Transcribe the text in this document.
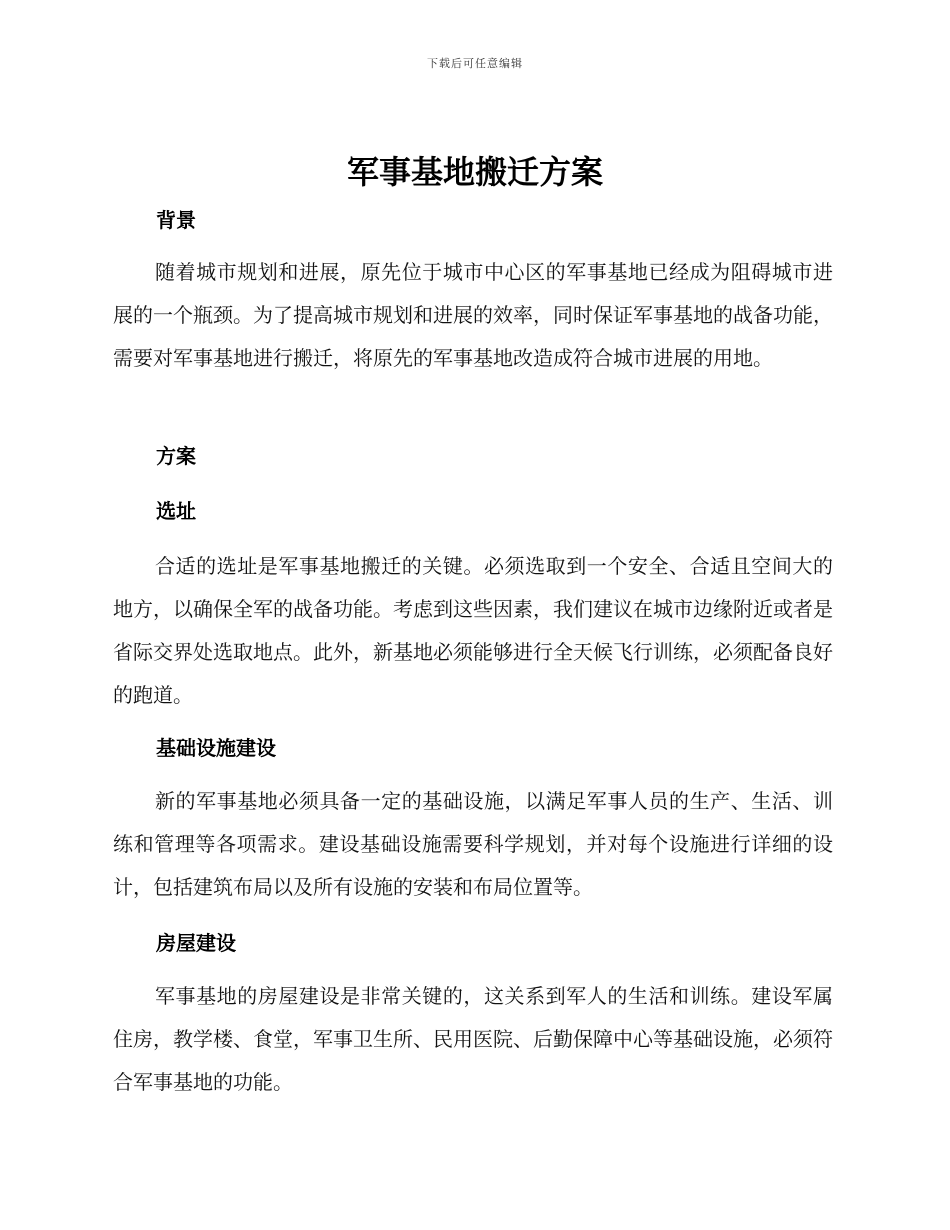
下载后可任意编辑
军事基地搬迁方案
背景

随着城市规划和进展，原先位于城市中心区的军事基地已经成为阻碍城市进展的一个瓶颈。为了提高城市规划和进展的效率，同时保证军事基地的战备功能，需要对军事基地进行搬迁，将原先的军事基地改造成符合城市进展的用地。

方案
选址

合适的选址是军事基地搬迁的关键。必须选取到一个安全、合适且空间大的地方，以确保全军的战备功能。考虑到这些因素，我们建议在城市边缘附近或者是省际交界处选取地点。此外，新基地必须能够进行全天候飞行训练，必须配备良好的跑道。

基础设施建设

新的军事基地必须具备一定的基础设施，以满足军事人员的生产、生活、训练和管理等各项需求。建设基础设施需要科学规划，并对每个设施进行详细的设计，包括建筑布局以及所有设施的安装和布局位置等。

房屋建设

军事基地的房屋建设是非常关键的，这关系到军人的生活和训练。建设军属住房，教学楼、食堂，军事卫生所、民用医院、后勤保障中心等基础设施，必须符合军事基地的功能。
